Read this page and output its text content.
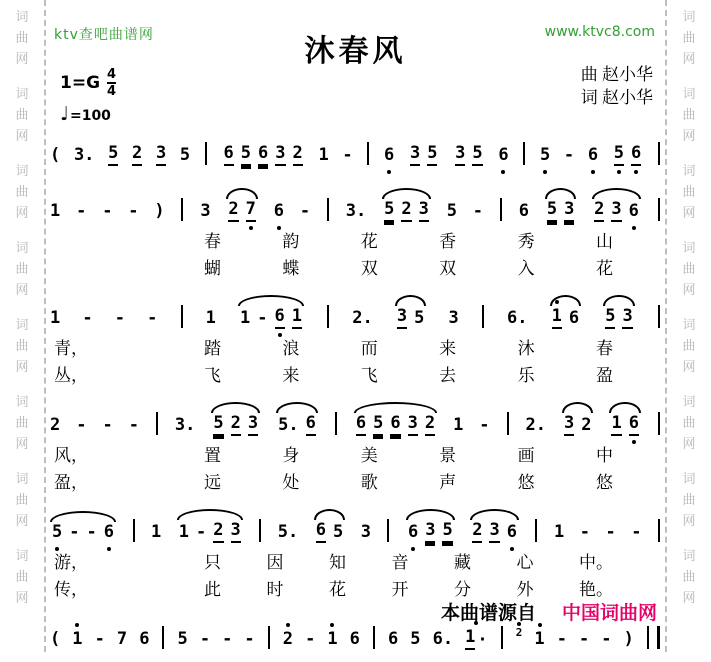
词
曲
网
词
曲
网
词
曲
网
词
曲
网
词
曲
网
词
曲
网
词
曲
网
词
曲
网
词
曲
网
词
曲
网
词
曲
网
词
曲
网
词
曲
网
词
曲
网
词
曲
网
词
曲
网
ktv查吧曲谱网	www.ktvc8.com
沐春风
$1=G \frac{4}{4}$
♩=100
曲 赵小华
词 赵小华
( 3. 5 2 3 5 6 5 6 3 2 1 - 6 3 5 3 5 6 5 - 6 5 6
1 - - - ) 3 2 7 6 - 3. 5 2 3 5 - 6 5 3 2 3 6
春	韵	花	香	秀	山
蝴	蝶	双	双	入	花
1 - - -	1 1 - 6 1	2. 3 5 3	6. 1 6 5 3
青，	踏	浪	而	来	沐	春
丛，	飞	来	飞	去	乐	盈
2 - - - 3. 5 2 3 5. 6 6 5 6 3 2 1 - 2. 3 2 1 6
风，	置	身	美	景	画	中
盈，	远	处	歌	声	悠	悠
5 - - 6 1 1 - 2 3 5. 6 5 3 6 3 5 2 3 6 1 - - -
游，	只	因	知	音	藏	心	中。
传，	此	时	花	开	分	外	艳。
( 1 - 7 6 5 - - - 2 - 1 6 6 5 6. 1 ·	2 1 - - - )
本曲谱源自 中国词曲网
